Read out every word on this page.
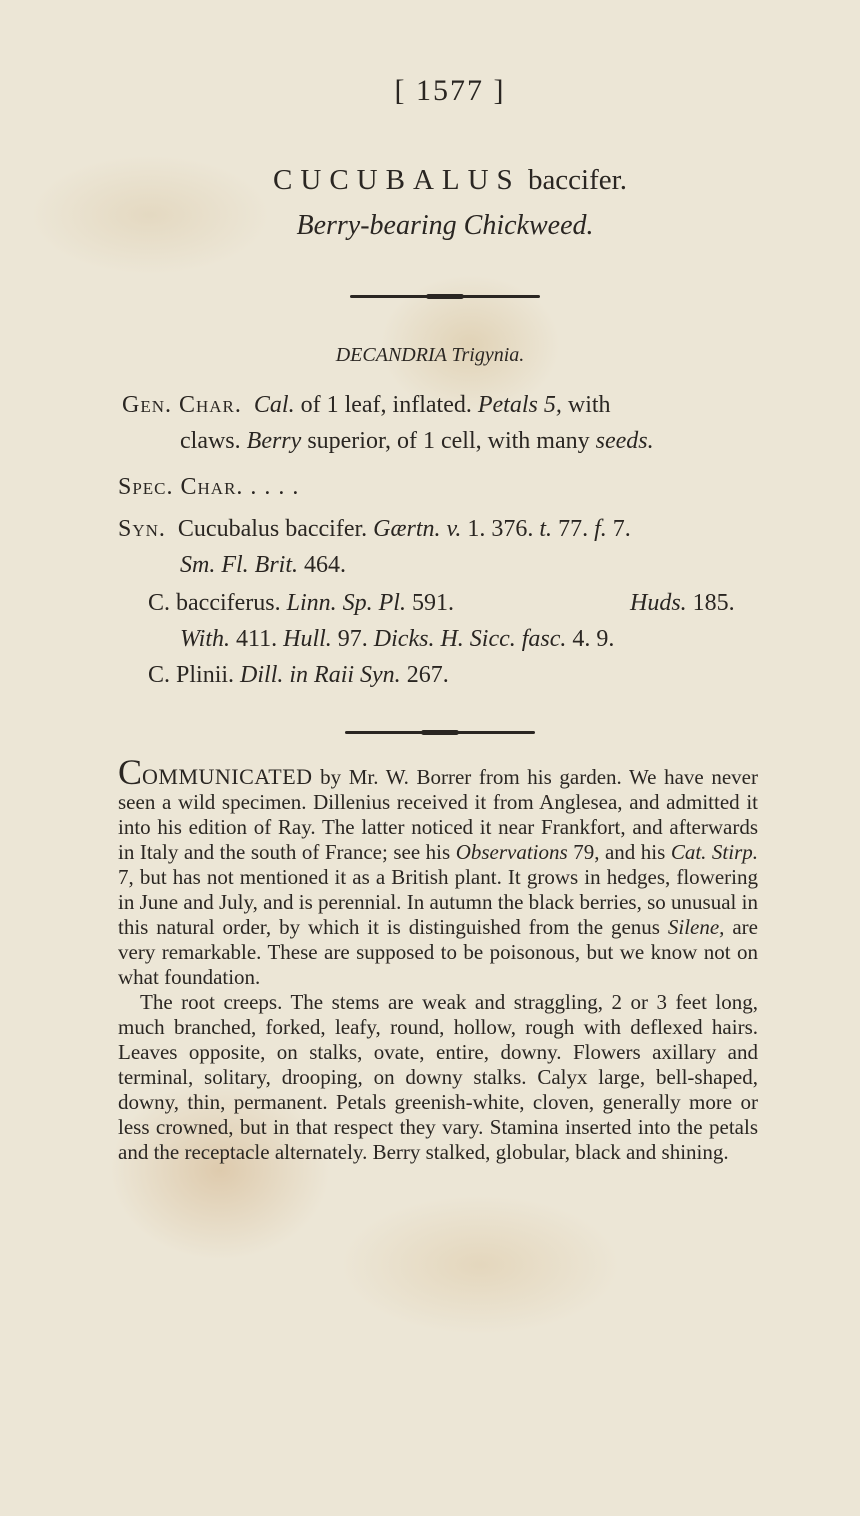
[ 1577 ]
CUCUBALUS baccifer.
Berry-bearing Chickweed.
DECANDRIA Trigynia.
Gen. Char. Cal. of 1 leaf, inflated. Petals 5, with
claws. Berry superior, of 1 cell, with many seeds.
Spec. Char. . . . .
Syn. Cucubalus baccifer. Gærtn. v. 1. 376. t. 77. f. 7.
Sm. Fl. Brit. 464.
C. bacciferus. Linn. Sp. Pl. 591.	Huds. 185.
With. 411. Hull. 97. Dicks. H. Sicc. fasc. 4. 9.
C. Plinii. Dill. in Raii Syn. 267.

COMMUNICATED by Mr. W. Borrer from his garden. We have never seen a wild specimen. Dillenius received it from Anglesea, and admitted it into his edition of Ray. The latter noticed it near Frankfort, and afterwards in Italy and the south of France; see his Observations 79, and his Cat. Stirp. 7, but has not mentioned it as a British plant. It grows in hedges, flowering in June and July, and is perennial. In autumn the black berries, so unusual in this natural order, by which it is distinguished from the genus Silene, are very remarkable. These are supposed to be poisonous, but we know not on what foundation.

The root creeps. The stems are weak and straggling, 2 or 3 feet long, much branched, forked, leafy, round, hollow, rough with deflexed hairs. Leaves opposite, on stalks, ovate, entire, downy. Flowers axillary and terminal, solitary, drooping, on downy stalks. Calyx large, bell-shaped, downy, thin, permanent. Petals greenish-white, cloven, generally more or less crowned, but in that respect they vary. Stamina inserted into the petals and the receptacle alternately. Berry stalked, globular, black and shining.
